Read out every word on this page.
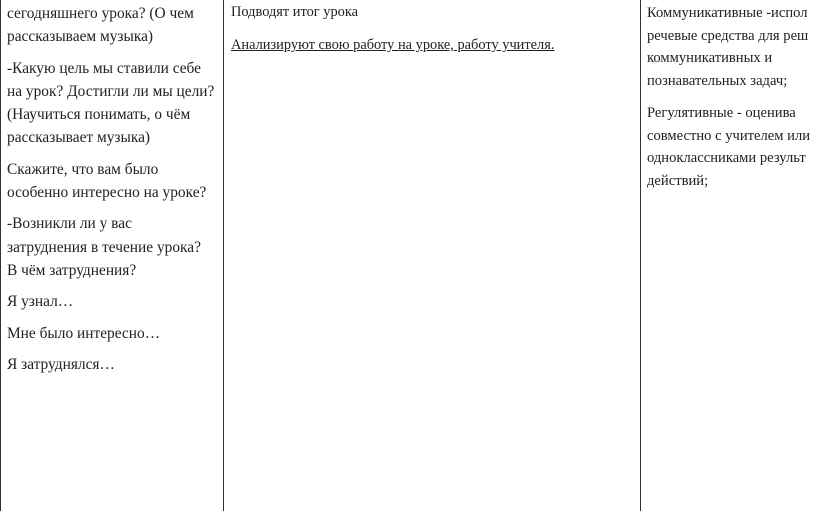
сегодняшнего урока? (О чем
рассказываем музыка)

-Какую цель мы ставили себе
на урок? Достигли ли мы цели?
(Научиться понимать, о чём
рассказывает музыка)

Скажите, что вам было
особенно интересно на уроке?

-Возникли ли у вас
затруднения в течение урока?
В чём затруднения?

Я узнал…

Мне было интересно…

Я затруднялся…

Подводят итог урока

Анализируют свою работу на уроке, работу учителя.

Коммуникативные -испол
речевые средства для реш
коммуникативных и
познавательных задач;

Регулятивные - оценива
совместно с учителем или
одноклассниками результ
действий;
